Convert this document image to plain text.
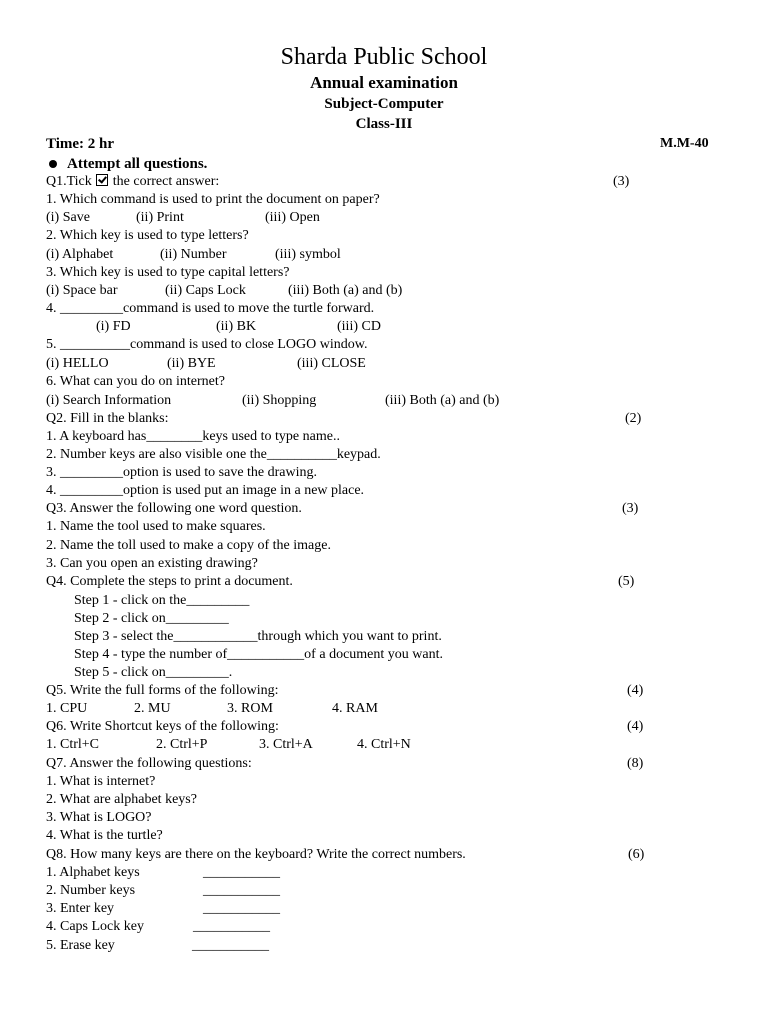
Sharda Public School
Annual examination
Subject-Computer
Class-III
Time: 2 hr	M.M-40
Attempt all questions.
Q1.Tick the correct answer:	(3)
1. Which command is used to print the document on paper?
(i) Save	(ii) Print	(iii) Open
2. Which key is used to type letters?
(i) Alphabet	(ii) Number	(iii) symbol
3. Which key is used to type capital letters?
(i) Space bar	(ii) Caps Lock	(iii) Both (a) and (b)
4. _________command is used to move the turtle forward.
(i) FD	(ii) BK	(iii) CD
5. __________command is used to close LOGO window.
(i) HELLO	(ii) BYE	(iii) CLOSE
6. What can you do on internet?
(i) Search Information	(ii) Shopping	(iii) Both (a) and (b)
Q2. Fill in the blanks:	(2)
1. A keyboard has________keys used to type name..
2. Number keys are also visible one the__________keypad.
3. _________option is used to save the drawing.
4. _________option is used put an image in a new place.
Q3. Answer the following one word question.	(3)
1. Name the tool used to make squares.
2. Name the toll used to make a copy of the image.
3. Can you open an existing drawing?
Q4. Complete the steps to print a document.	(5)
Step 1 - click on the_________
Step 2 - click on_________
Step 3 - select the____________through which you want to print.
Step 4 - type the number of___________of a document you want.
Step 5 - click on_________.
Q5. Write the full forms of the following:	(4)
1. CPU	2. MU	3. ROM	4. RAM
Q6. Write Shortcut keys of the following:	(4)
1. Ctrl+C	2. Ctrl+P	3. Ctrl+A	4. Ctrl+N
Q7. Answer the following questions:	(8)
1. What is internet?
2. What are alphabet keys?
3. What is LOGO?
4. What is the turtle?
Q8. How many keys are there on the keyboard? Write the correct numbers.	(6)
1. Alphabet keys	___________
2. Number keys	___________
3. Enter key	___________
4. Caps Lock key	___________
5. Erase key	___________
